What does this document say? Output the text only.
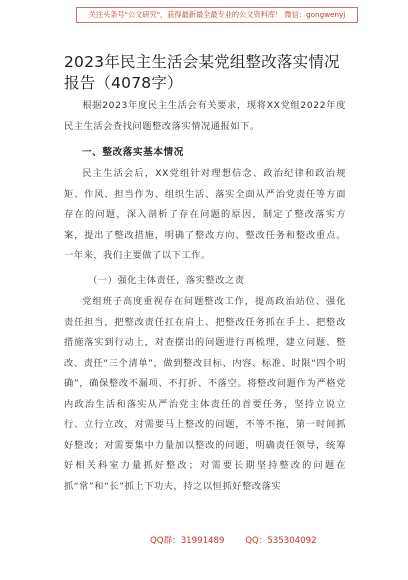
关注头条号"公文研究"，获得最新最全最专业的公文资料库！ 微信：gongwenyj
2023年民主生活会某党组整改落实情况报告（4078字）

根据2023年度民主生活会有关要求，现将XX党组2022年度民主生活会查找问题整改落实情况通报如下。

一、整改落实基本情况

民主生活会后，XX党组针对理想信念、政治纪律和政治规矩、作风、担当作为、组织生活、落实全面从严治党责任等方面存在的问题，深入剖析了存在问题的原因，制定了整改落实方案，提出了整改措施，明确了整改方向、整改任务和整改重点。一年来，我们主要做了以下工作。

（一）强化主体责任，落实整改之责

党组班子高度重视存在问题整改工作，提高政治站位、强化责任担当，把整改责任扛在肩上、把整改任务抓在手上、把整改措施落实到行动上，对查摆出的问题进行再梳理，建立问题、整改、责任“三个清单”，做到整改目标、内容、标准、时限“四个明确”，确保整改不漏项、不打折、不落空。将整改问题作为严格党内政治生活和落实从严治党主体责任的首要任务，坚持立说立行、立行立改，对需要马上整改的问题，不等不拖，第一时间抓好整改；对需要集中力量加以整改的问题，明确责任领导，统筹好相关科室力量抓好整改；对需要长期坚持整改的问题在抓“常”和“长”抓上下功夫，持之以恒抓好整改落实

QQ群：31991489 QQ：535304092
